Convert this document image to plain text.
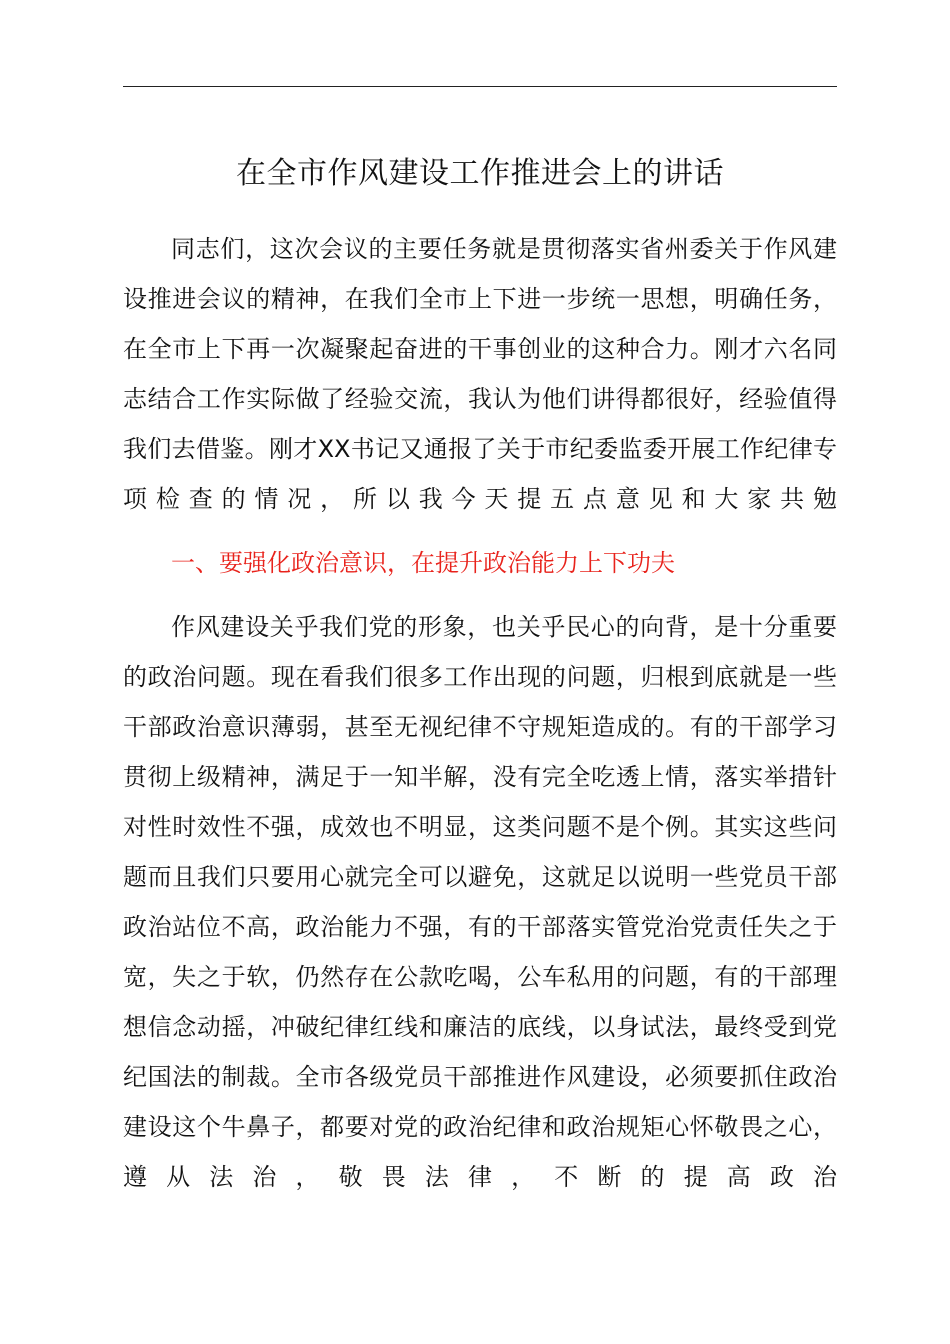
在全市作风建设工作推进会上的讲话

同志们，这次会议的主要任务就是贯彻落实省州委关于作风建设推进会议的精神，在我们全市上下进一步统一思想，明确任务，在全市上下再一次凝聚起奋进的干事创业的这种合力。刚才六名同志结合工作实际做了经验交流，我认为他们讲得都很好，经验值得我们去借鉴。刚才XX书记又通报了关于市纪委监委开展工作纪律专项检查的情况，所以我今天提五点意见和大家共勉

一、要强化政治意识，在提升政治能力上下功夫

作风建设关乎我们党的形象，也关乎民心的向背，是十分重要的政治问题。现在看我们很多工作出现的问题，归根到底就是一些干部政治意识薄弱，甚至无视纪律不守规矩造成的。有的干部学习贯彻上级精神，满足于一知半解，没有完全吃透上情，落实举措针对性时效性不强，成效也不明显，这类问题不是个例。其实这些问题而且我们只要用心就完全可以避免，这就足以说明一些党员干部政治站位不高，政治能力不强，有的干部落实管党治党责任失之于宽，失之于软，仍然存在公款吃喝，公车私用的问题，有的干部理想信念动摇，冲破纪律红线和廉洁的底线，以身试法，最终受到党纪国法的制裁。全市各级党员干部推进作风建设，必须要抓住政治建设这个牛鼻子，都要对党的政治纪律和政治规矩心怀敬畏之心，遵从法治，敬畏法律，不断的提高政治
